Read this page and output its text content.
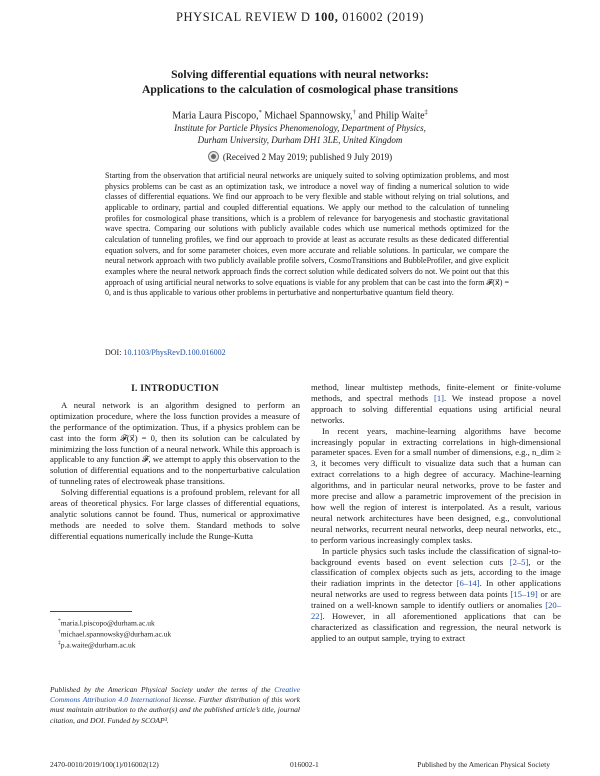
PHYSICAL REVIEW D 100, 016002 (2019)
Solving differential equations with neural networks:
Applications to the calculation of cosmological phase transitions
Maria Laura Piscopo,* Michael Spannowsky,† and Philip Waite‡
Institute for Particle Physics Phenomenology, Department of Physics,
Durham University, Durham DH1 3LE, United Kingdom
(Received 2 May 2019; published 9 July 2019)
Starting from the observation that artificial neural networks are uniquely suited to solving optimization problems, and most physics problems can be cast as an optimization task, we introduce a novel way of finding a numerical solution to wide classes of differential equations. We find our approach to be very flexible and stable without relying on trial solutions, and applicable to ordinary, partial and coupled differential equations. We apply our method to the calculation of tunneling profiles for cosmological phase transitions, which is a problem of relevance for baryogenesis and stochastic gravitational wave spectra. Comparing our solutions with publicly available codes which use numerical methods optimized for the calculation of tunneling profiles, we find our approach to provide at least as accurate results as these dedicated differential equation solvers, and for some parameter choices, even more accurate and reliable solutions. In particular, we compare the neural network approach with two publicly available profile solvers, CosmoTransitions and BubbleProfiler, and give explicit examples where the neural network approach finds the correct solution while dedicated solvers do not. We point out that this approach of using artificial neural networks to solve equations is viable for any problem that can be cast into the form 𝓕(x⃗) = 0, and is thus applicable to various other problems in perturbative and nonperturbative quantum field theory.
DOI: 10.1103/PhysRevD.100.016002
I. INTRODUCTION

A neural network is an algorithm designed to perform an optimization procedure, where the loss function provides a measure of the performance of the optimization. Thus, if a physics problem can be cast into the form 𝓕(x⃗) = 0, then its solution can be calculated by minimizing the loss function of a neural network. While this approach is applicable to any function 𝓕, we attempt to apply this observation to the solution of differential equations and to the nonperturbative calculation of tunneling rates of electroweak phase transitions.

Solving differential equations is a profound problem, relevant for all areas of theoretical physics. For large classes of differential equations, analytic solutions cannot be found. Thus, numerical or approximative methods are needed to solve them. Standard methods to solve differential equations numerically include the Runge-Kutta

*maria.l.piscopo@durham.ac.uk
†michael.spannowsky@durham.ac.uk
‡p.a.waite@durham.ac.uk
Published by the American Physical Society under the terms of the Creative Commons Attribution 4.0 International license. Further distribution of this work must maintain attribution to the author(s) and the published article’s title, journal citation, and DOI. Funded by SCOAP³.

method, linear multistep methods, finite-element or finite-volume methods, and spectral methods [1]. We instead propose a novel approach to solving differential equations using artificial neural networks.

In recent years, machine-learning algorithms have become increasingly popular in extracting correlations in high-dimensional parameter spaces. Even for a small number of dimensions, e.g., n_dim ≥ 3, it becomes very difficult to visualize data such that a human can extract correlations to a high degree of accuracy. Machine-learning algorithms, and in particular neural networks, prove to be faster and more precise and allow a parametric improvement of the precision in how well the region of interest is interpolated. As a result, various neural network architectures have been designed, e.g., convolutional neural networks, recurrent neural networks, deep neural networks, etc., to perform various increasingly complex tasks.

In particle physics such tasks include the classification of signal-to-background events based on event selection cuts [2–5], or the classification of complex objects such as jets, according to the image their radiation imprints in the detector [6–14]. In other applications neural networks are used to regress between data points [15–19] or are trained on a well-known sample to identify outliers or anomalies [20–22]. However, in all aforementioned applications that can be characterized as classification and regression, the neural network is applied to an output sample, trying to extract

2470-0010/2019/100(1)/016002(12)	016002-1	Published by the American Physical Society
